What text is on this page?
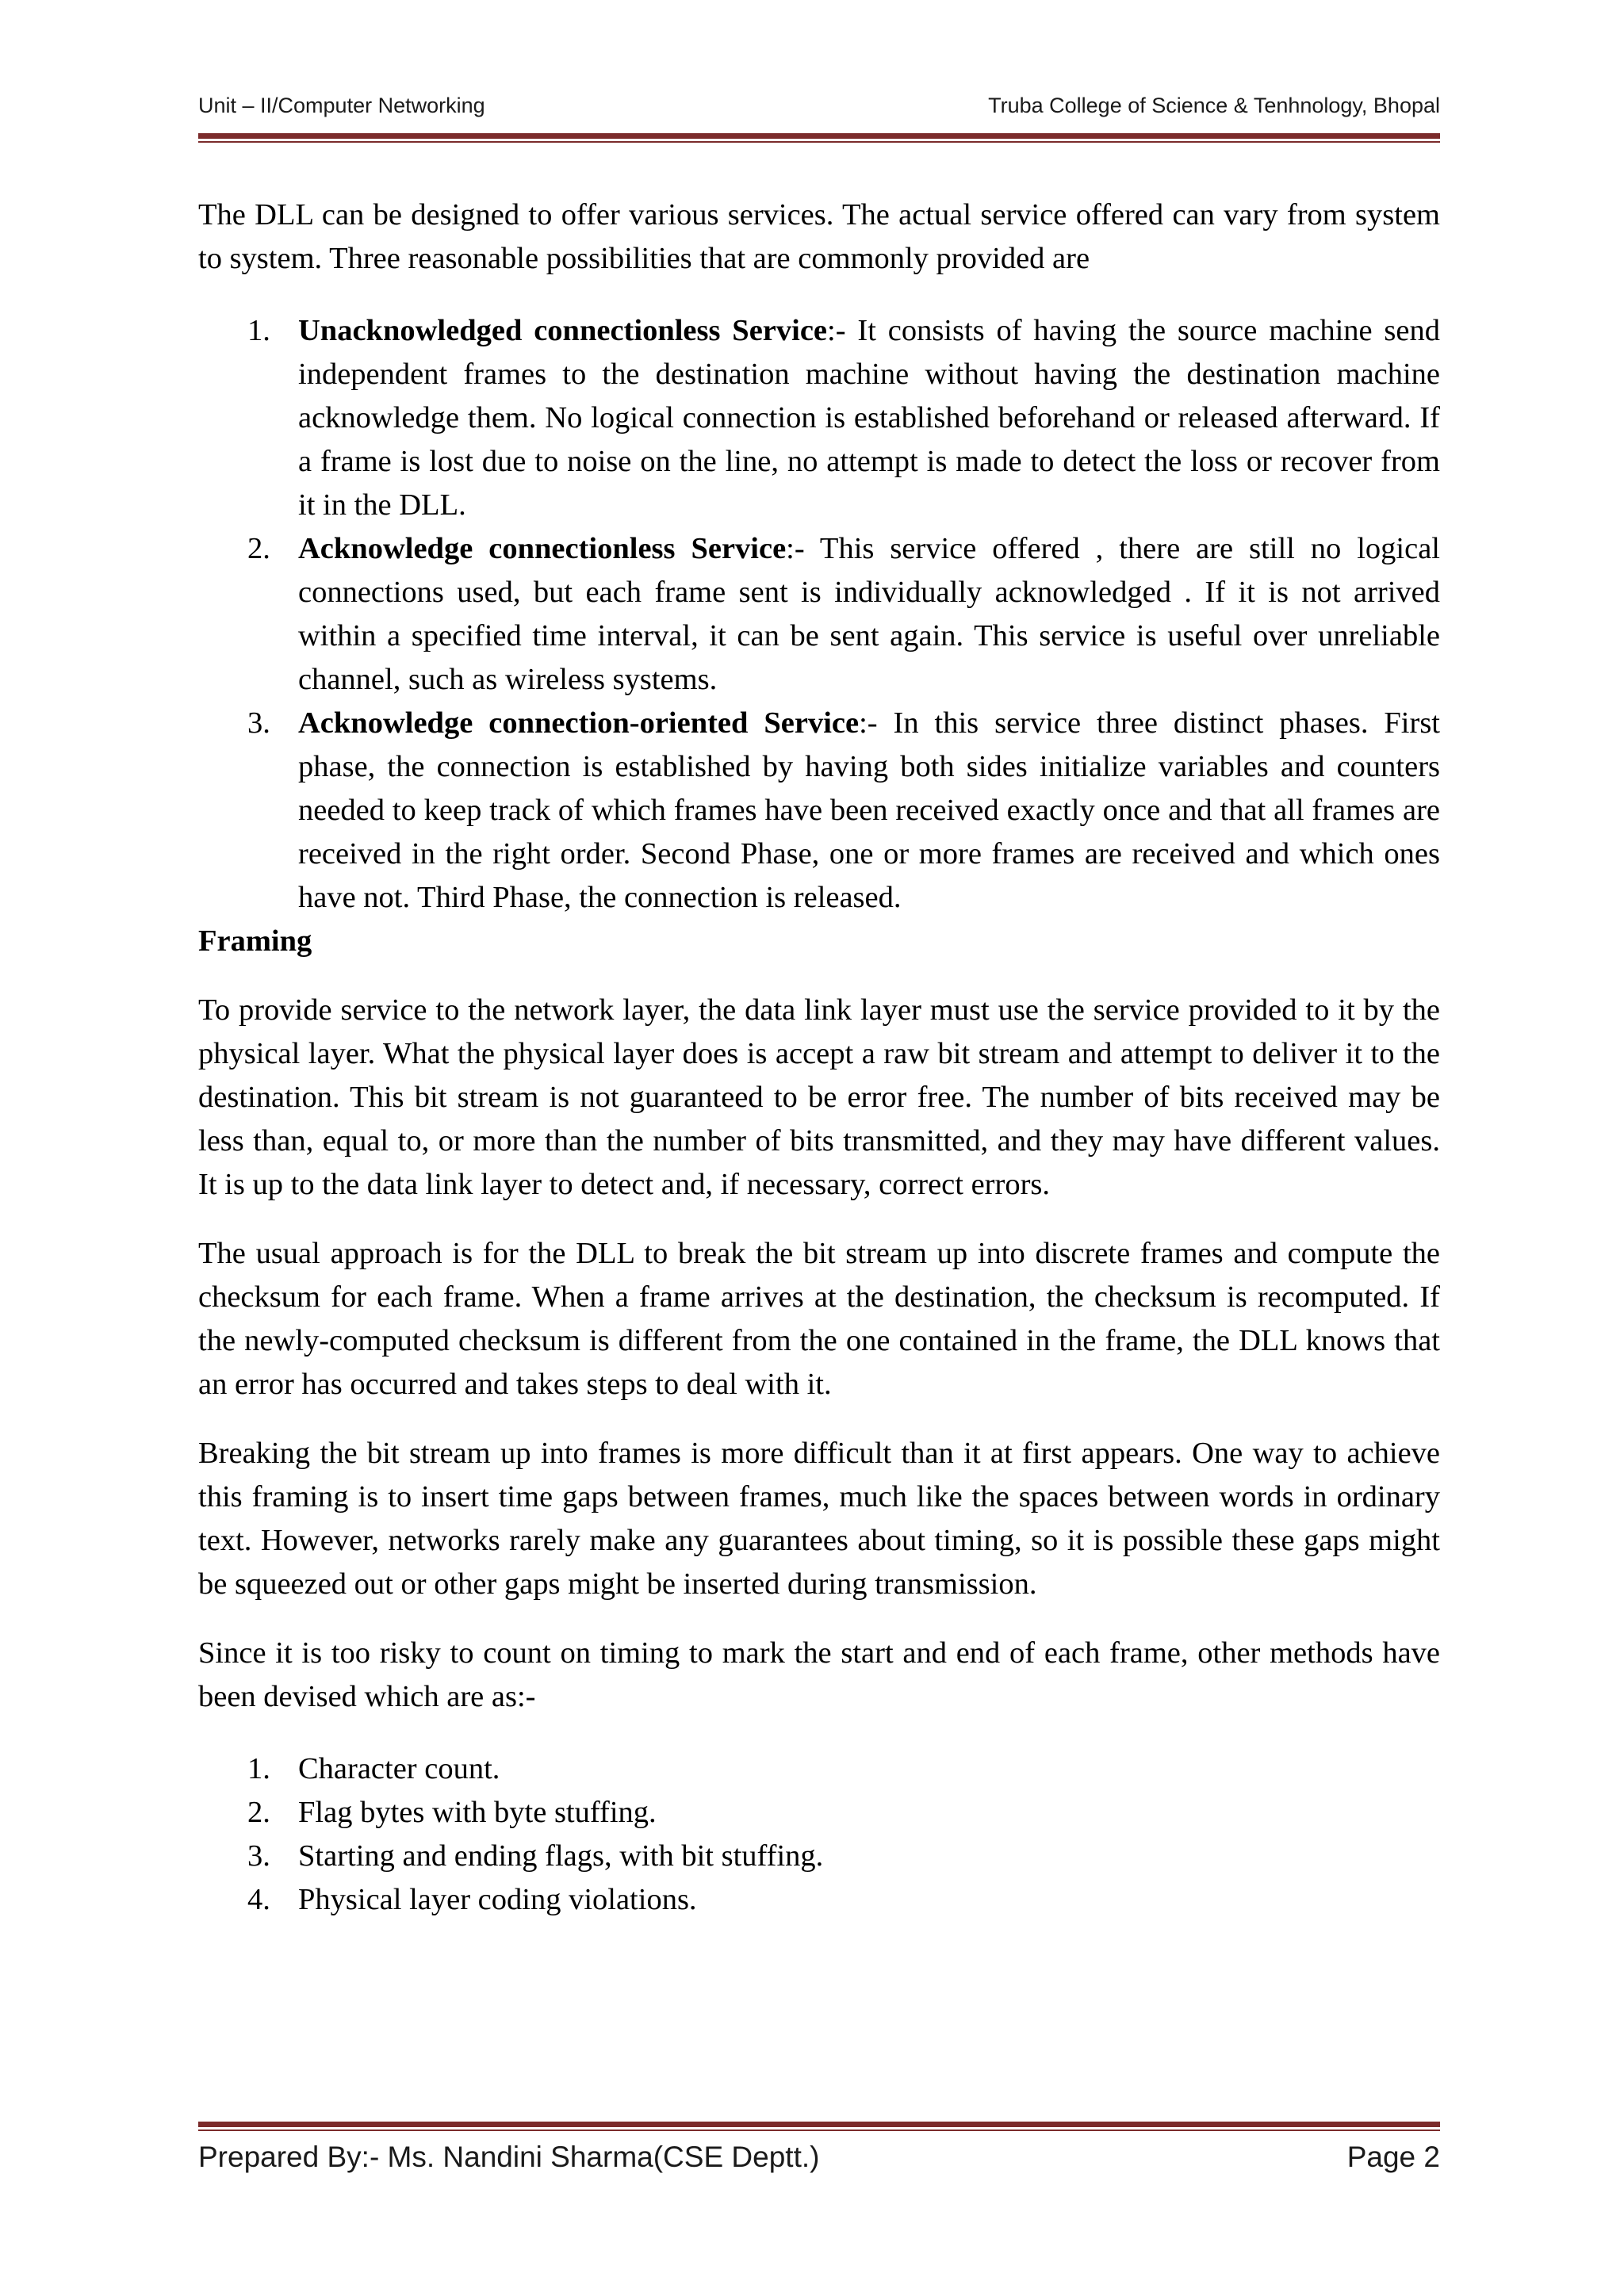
Unit – II/Computer Networking	Truba College of Science & Tenhnology, Bhopal

The DLL can be designed to offer various services. The actual service offered can vary from system to system. Three reasonable possibilities that are commonly provided are

1. Unacknowledged connectionless Service:- It consists of having the source machine send independent frames to the destination machine without having the destination machine acknowledge them. No logical connection is established beforehand or released afterward. If a frame is lost due to noise on the line, no attempt is made to detect the loss or recover from it in the DLL.
2. Acknowledge connectionless Service:- This service offered , there are still no logical connections used, but each frame sent is individually acknowledged . If it is not arrived within a specified time interval, it can be sent again. This service is useful over unreliable channel, such as wireless systems.
3. Acknowledge connection-oriented Service:- In this service three distinct phases. First phase, the connection is established by having both sides initialize variables and counters needed to keep track of which frames have been received exactly once and that all frames are received in the right order. Second Phase, one or more frames are received and which ones have not. Third Phase, the connection is released.

Framing

To provide service to the network layer, the data link layer must use the service provided to it by the physical layer. What the physical layer does is accept a raw bit stream and attempt to deliver it to the destination. This bit stream is not guaranteed to be error free. The number of bits received may be less than, equal to, or more than the number of bits transmitted, and they may have different values. It is up to the data link layer to detect and, if necessary, correct errors.

The usual approach is for the DLL to break the bit stream up into discrete frames and compute the checksum for each frame. When a frame arrives at the destination, the checksum is recomputed. If the newly-computed checksum is different from the one contained in the frame, the DLL knows that an error has occurred and takes steps to deal with it.

Breaking the bit stream up into frames is more difficult than it at first appears. One way to achieve this framing is to insert time gaps between frames, much like the spaces between words in ordinary text. However, networks rarely make any guarantees about timing, so it is possible these gaps might be squeezed out or other gaps might be inserted during transmission.

Since it is too risky to count on timing to mark the start and end of each frame, other methods have been devised which are as:-

1. Character count.
2. Flag bytes with byte stuffing.
3. Starting and ending flags, with bit stuffing.
4. Physical layer coding violations.
Prepared By:- Ms. Nandini Sharma(CSE Deptt.)	Page 2
